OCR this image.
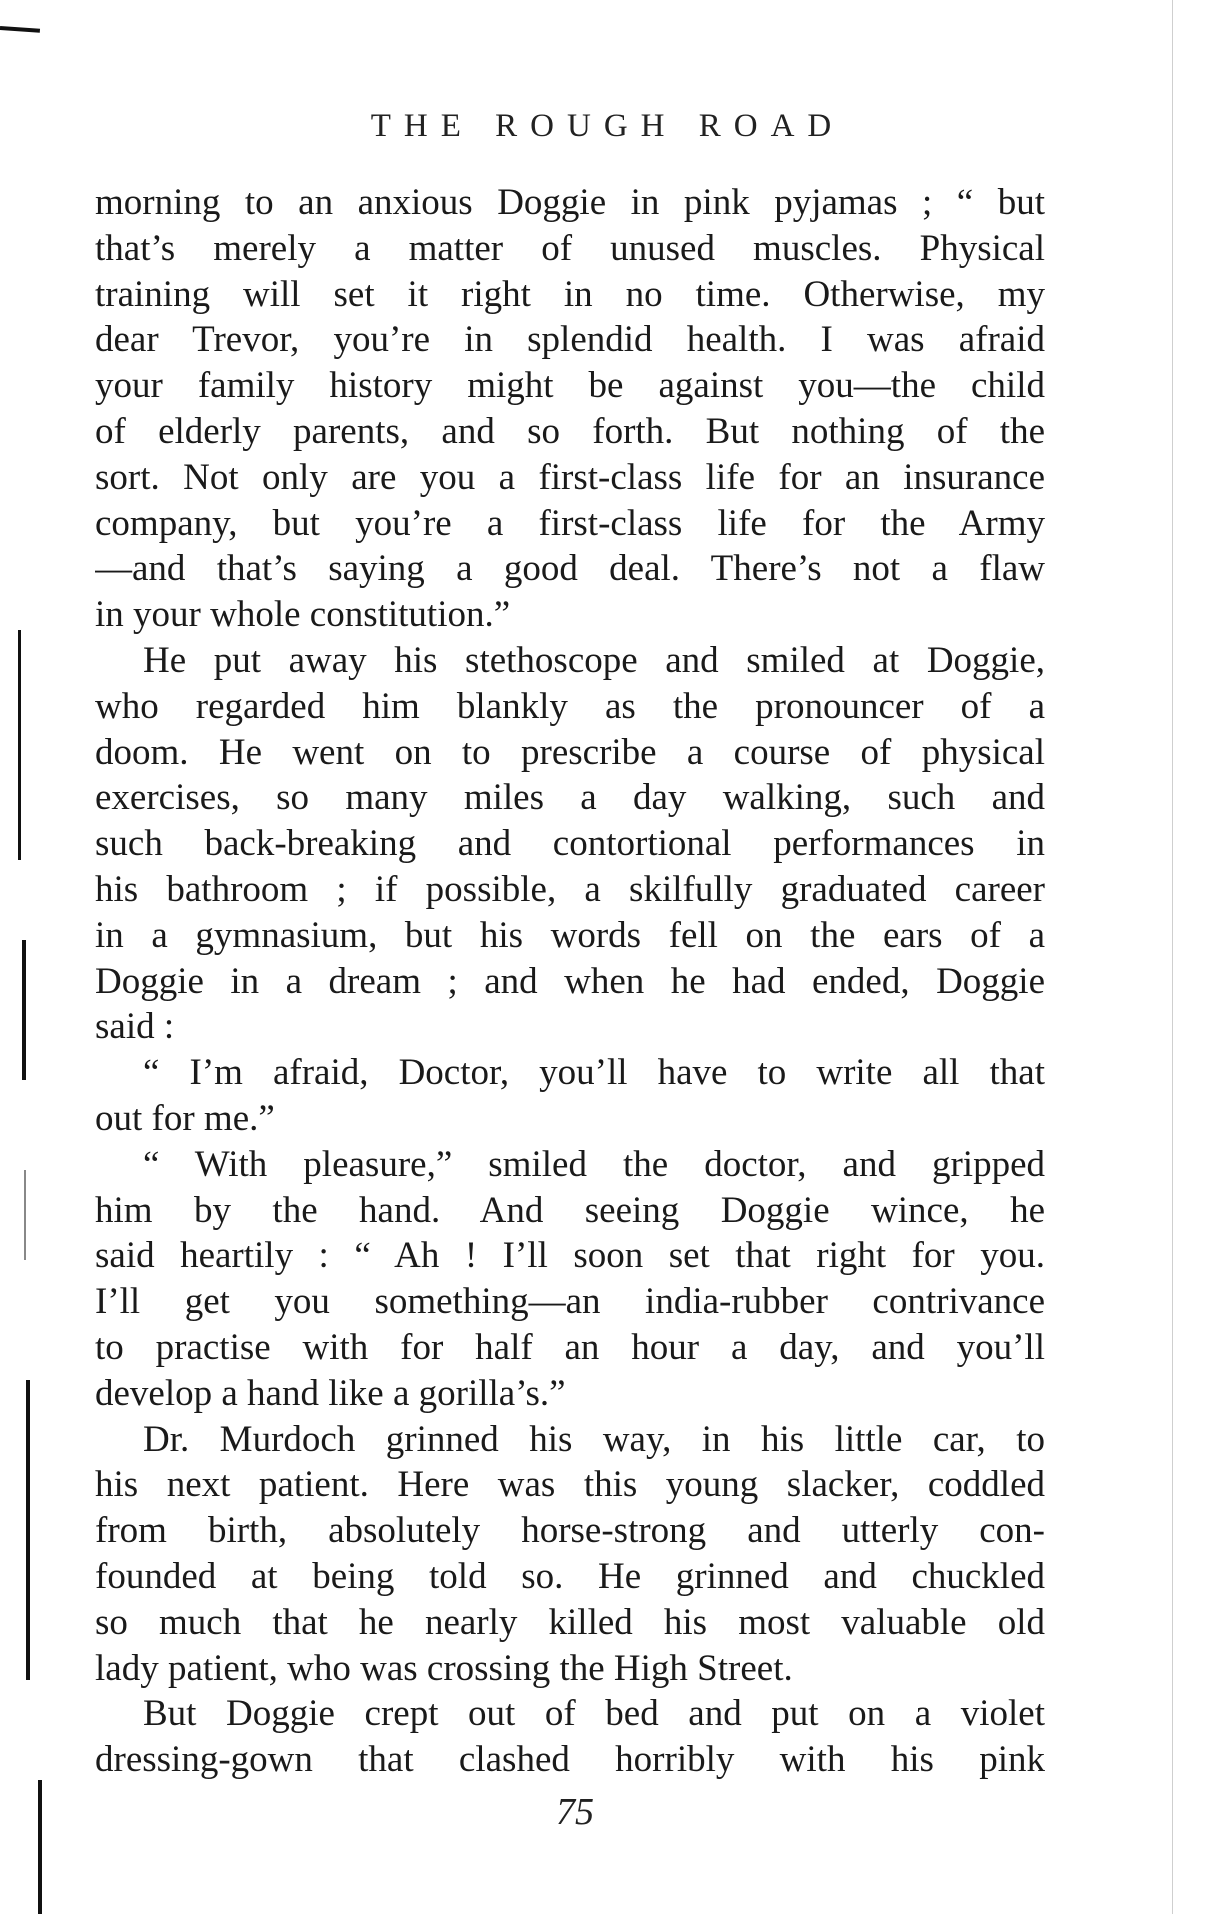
THE ROUGH ROAD
morning to an anxious Doggie in pink pyjamas ; “ but
that’s merely a matter of unused muscles. Physical
training will set it right in no time. Otherwise, my
dear Trevor, you’re in splendid health. I was afraid
your family history might be against you—the child
of elderly parents, and so forth. But nothing of the
sort. Not only are you a first-class life for an insurance
company, but you’re a first-class life for the Army
—and that’s saying a good deal. There’s not a flaw
in your whole constitution.”
He put away his stethoscope and smiled at Doggie,
who regarded him blankly as the pronouncer of a
doom. He went on to prescribe a course of physical
exercises, so many miles a day walking, such and
such back-breaking and contortional performances in
his bathroom ; if possible, a skilfully graduated career
in a gymnasium, but his words fell on the ears of a
Doggie in a dream ; and when he had ended, Doggie
said :
“ I’m afraid, Doctor, you’ll have to write all that
out for me.”
“ With pleasure,” smiled the doctor, and gripped
him by the hand. And seeing Doggie wince, he
said heartily : “ Ah ! I’ll soon set that right for you.
I’ll get you something—an india-rubber contrivance
to practise with for half an hour a day, and you’ll
develop a hand like a gorilla’s.”
Dr. Murdoch grinned his way, in his little car, to
his next patient. Here was this young slacker, coddled
from birth, absolutely horse-strong and utterly con-
founded at being told so. He grinned and chuckled
so much that he nearly killed his most valuable old
lady patient, who was crossing the High Street.
But Doggie crept out of bed and put on a violet
dressing-gown that clashed horribly with his pink
75
